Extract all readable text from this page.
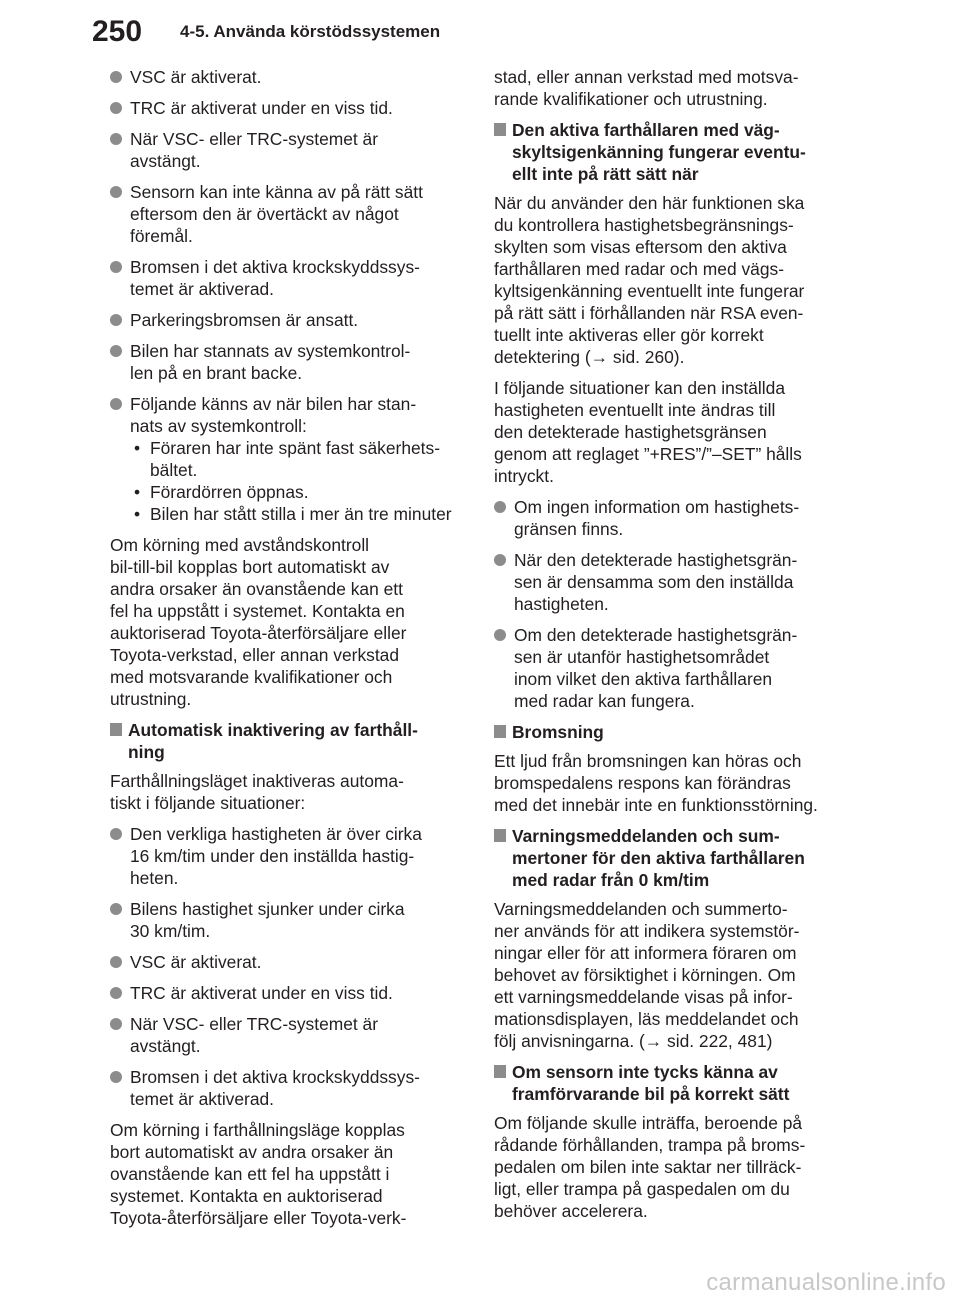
250	4-5. Använda körstödssystemen
VSC är aktiverat.
TRC är aktiverat under en viss tid.
När VSC- eller TRC-systemet är
avstängt.
Sensorn kan inte känna av på rätt sätt
eftersom den är övertäckt av något
föremål.
Bromsen i det aktiva krockskyddssys-
temet är aktiverad.
Parkeringsbromsen är ansatt.
Bilen har stannats av systemkontrol-
len på en brant backe.
Följande känns av när bilen har stan-
nats av systemkontroll:
• Föraren har inte spänt fast säkerhets-
bältet.
• Förardörren öppnas.
• Bilen har stått stilla i mer än tre minuter
Om körning med avståndskontroll
bil-till-bil kopplas bort automatiskt av
andra orsaker än ovanstående kan ett
fel ha uppstått i systemet. Kontakta en
auktoriserad Toyota-återförsäljare eller
Toyota-verkstad, eller annan verkstad
med motsvarande kvalifikationer och
utrustning.
Automatisk inaktivering av farthåll-
ning
Farthållningsläget inaktiveras automa-
tiskt i följande situationer:
Den verkliga hastigheten är över cirka
16 km/tim under den inställda hastig-
heten.
Bilens hastighet sjunker under cirka
30 km/tim.
VSC är aktiverat.
TRC är aktiverat under en viss tid.
När VSC- eller TRC-systemet är
avstängt.
Bromsen i det aktiva krockskyddssys-
temet är aktiverad.
Om körning i farthållningsläge kopplas
bort automatiskt av andra orsaker än
ovanstående kan ett fel ha uppstått i
systemet. Kontakta en auktoriserad
Toyota-återförsäljare eller Toyota-verk-
stad, eller annan verkstad med motsva-
rande kvalifikationer och utrustning.
Den aktiva farthållaren med väg-
skyltsigenkänning fungerar eventu-
ellt inte på rätt sätt när
När du använder den här funktionen ska
du kontrollera hastighetsbegränsnings-
skylten som visas eftersom den aktiva
farthållaren med radar och med vägs-
kyltsigenkänning eventuellt inte fungerar
på rätt sätt i förhållanden när RSA even-
tuellt inte aktiveras eller gör korrekt
detektering (→ sid. 260).
I följande situationer kan den inställda
hastigheten eventuellt inte ändras till
den detekterade hastighetsgränsen
genom att reglaget ”+RES”/”–SET” hålls
intryckt.
Om ingen information om hastighets-
gränsen finns.
När den detekterade hastighetsgrän-
sen är densamma som den inställda
hastigheten.
Om den detekterade hastighetsgrän-
sen är utanför hastighetsområdet
inom vilket den aktiva farthållaren
med radar kan fungera.
Bromsning
Ett ljud från bromsningen kan höras och
bromspedalens respons kan förändras
med det innebär inte en funktionsstörning.
Varningsmeddelanden och sum-
mertoner för den aktiva farthållaren
med radar från 0 km/tim
Varningsmeddelanden och summerto-
ner används för att indikera systemstör-
ningar eller för att informera föraren om
behovet av försiktighet i körningen. Om
ett varningsmeddelande visas på infor-
mationsdisplayen, läs meddelandet och
följ anvisningarna. (→ sid. 222, 481)
Om sensorn inte tycks känna av
framförvarande bil på korrekt sätt
Om följande skulle inträffa, beroende på
rådande förhållanden, trampa på broms-
pedalen om bilen inte saktar ner tillräck-
ligt, eller trampa på gaspedalen om du
behöver accelerera.
carmanualsonline.info
